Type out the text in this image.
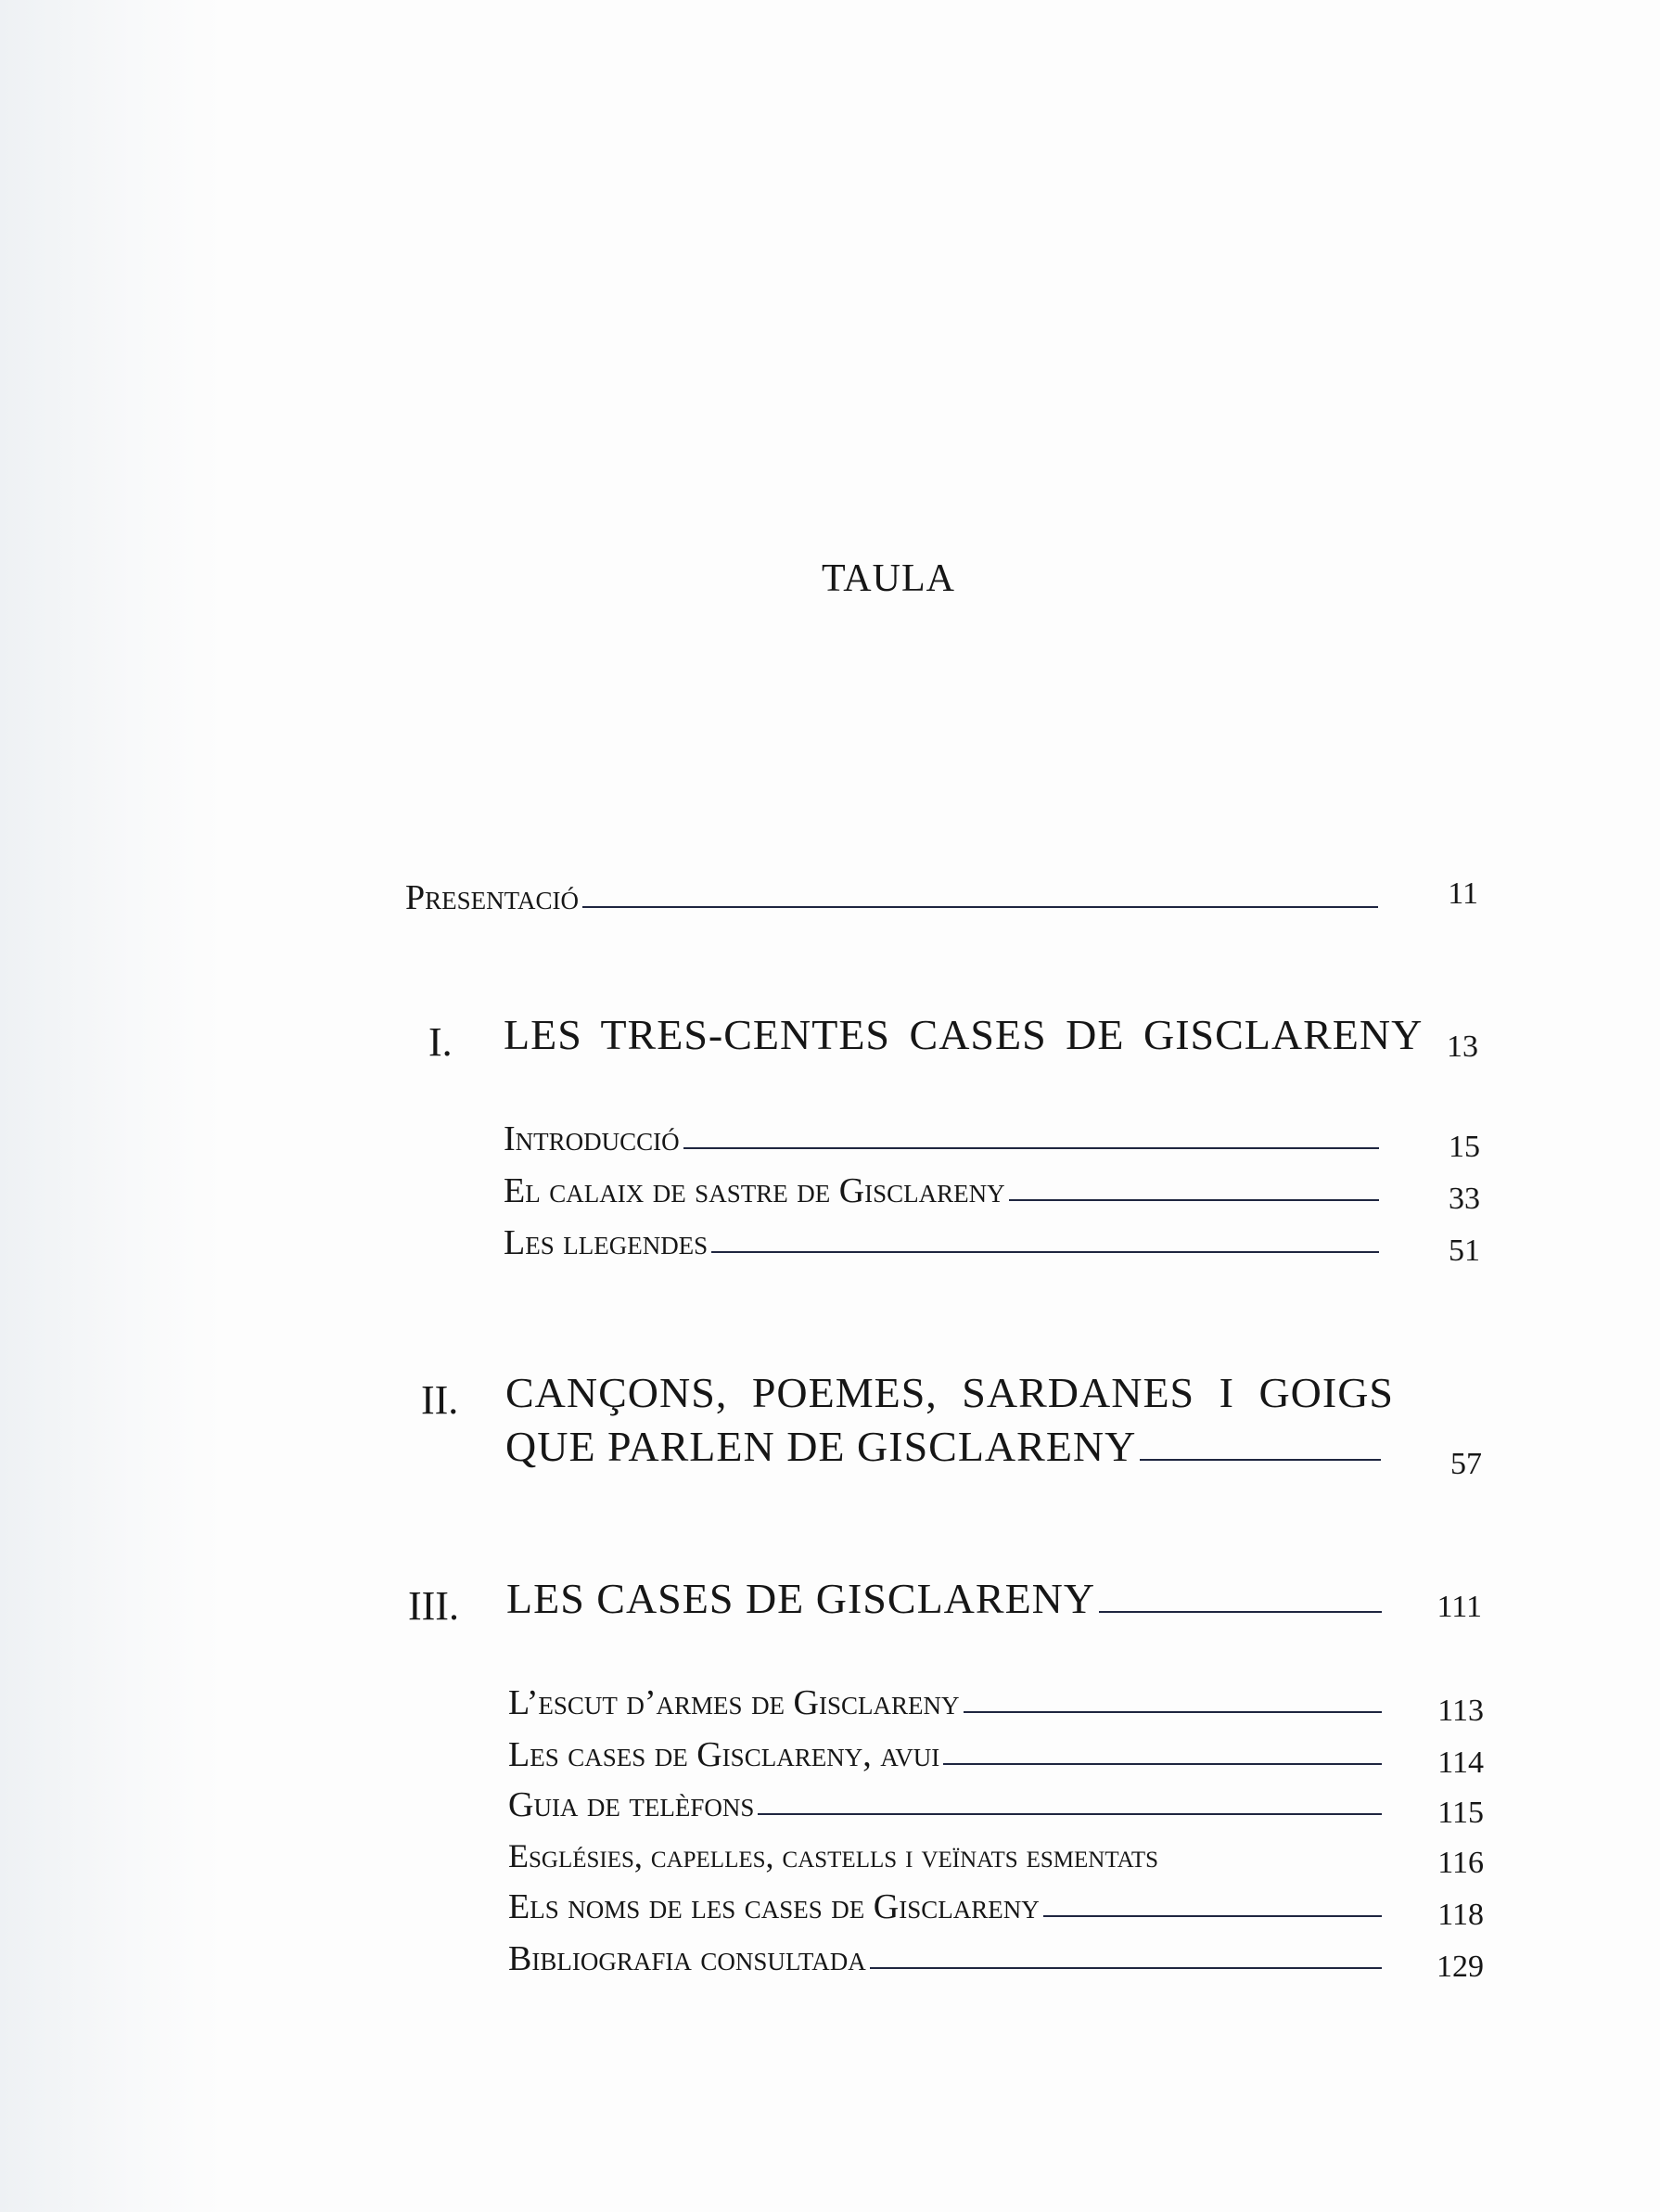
TAULA
Presentació	11
I. LES TRES-CENTES CASES DE GISCLARENY 13
Introducció	15
El calaix de sastre de Gisclareny	33
Les llegendes	51
II. CANÇONS, POEMES, SARDANES I GOIGS
QUE PARLEN DE GISCLARENY	57
III. LES CASES DE GISCLARENY	111
L’escut d’armes de Gisclareny	113
Les cases de Gisclareny, avui	114
Guia de telèfons	115
Esglésies, capelles, castells i veïnats esmentats	116
Els noms de les cases de Gisclareny	118
Bibliografia consultada	129
